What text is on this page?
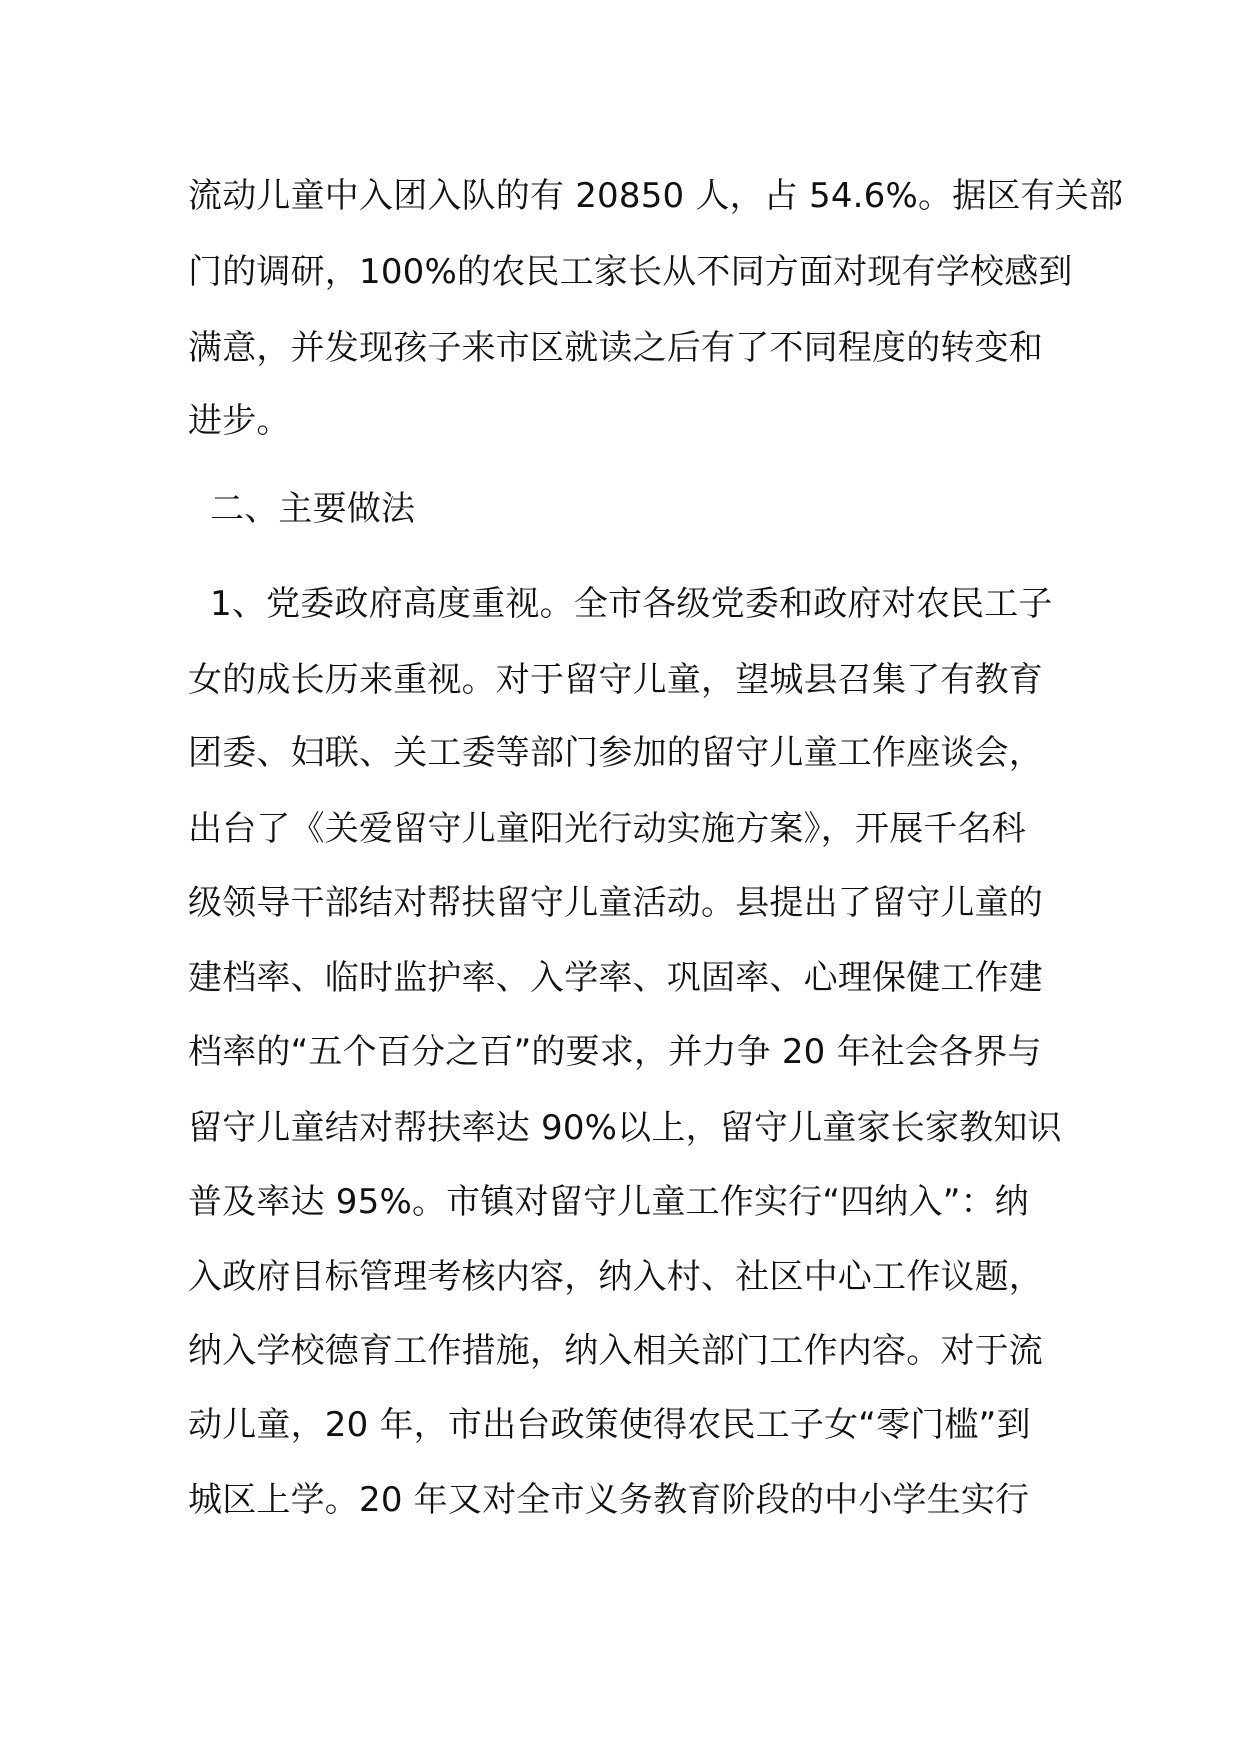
流动儿童中入团入队的有 20850 人，占 54.6%。据区有关部
门的调研，100%的农民工家长从不同方面对现有学校感到
满意，并发现孩子来市区就读之后有了不同程度的转变和
进步。
二、主要做法
1、党委政府高度重视。全市各级党委和政府对农民工子
女的成长历来重视。对于留守儿童，望城县召集了有教育
团委、妇联、关工委等部门参加的留守儿童工作座谈会，
出台了《关爱留守儿童阳光行动实施方案》，开展千名科
级领导干部结对帮扶留守儿童活动。县提出了留守儿童的
建档率、临时监护率、入学率、巩固率、心理保健工作建
档率的“五个百分之百”的要求，并力争 20 年社会各界与
留守儿童结对帮扶率达 90%以上，留守儿童家长家教知识
普及率达 95%。市镇对留守儿童工作实行“四纳入”：纳
入政府目标管理考核内容，纳入村、社区中心工作议题，
纳入学校德育工作措施，纳入相关部门工作内容。对于流
动儿童，20 年，市出台政策使得农民工子女“零门槛”到
城区上学。20 年又对全市义务教育阶段的中小学生实行
